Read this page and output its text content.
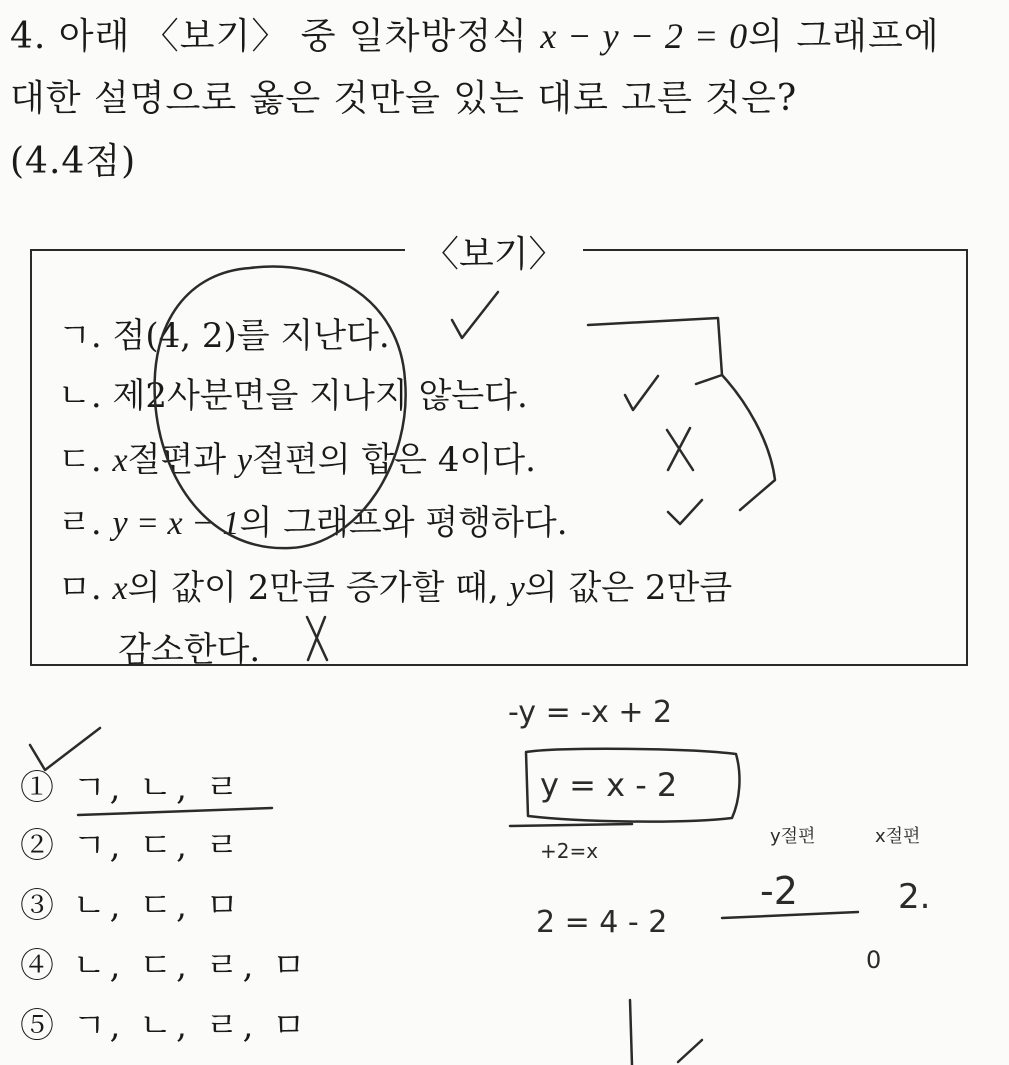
4. 아래 〈보기〉 중 일차방정식 x − y − 2 = 0의 그래프에
대한 설명으로 옳은 것만을 있는 대로 고른 것은?
(4.4점)
〈보기〉
ㄱ. 점(4, 2)를 지난다.
ㄴ. 제2사분면을 지나지 않는다.
ㄷ. x절편과 y절편의 합은 4이다.
ㄹ. y = x − 1의 그래프와 평행하다.
ㅁ. x의 값이 2만큼 증가할 때, y의 값은 2만큼
감소한다.
① ㄱ, ㄴ, ㄹ
② ㄱ, ㄷ, ㄹ
③ ㄴ, ㄷ, ㅁ
④ ㄴ, ㄷ, ㄹ, ㅁ
⑤ ㄱ, ㄴ, ㄹ, ㅁ
-y = -x + 2
y = x - 2
+2=x
2 = 4 - 2
y절편	x절편
-2	2.
0
